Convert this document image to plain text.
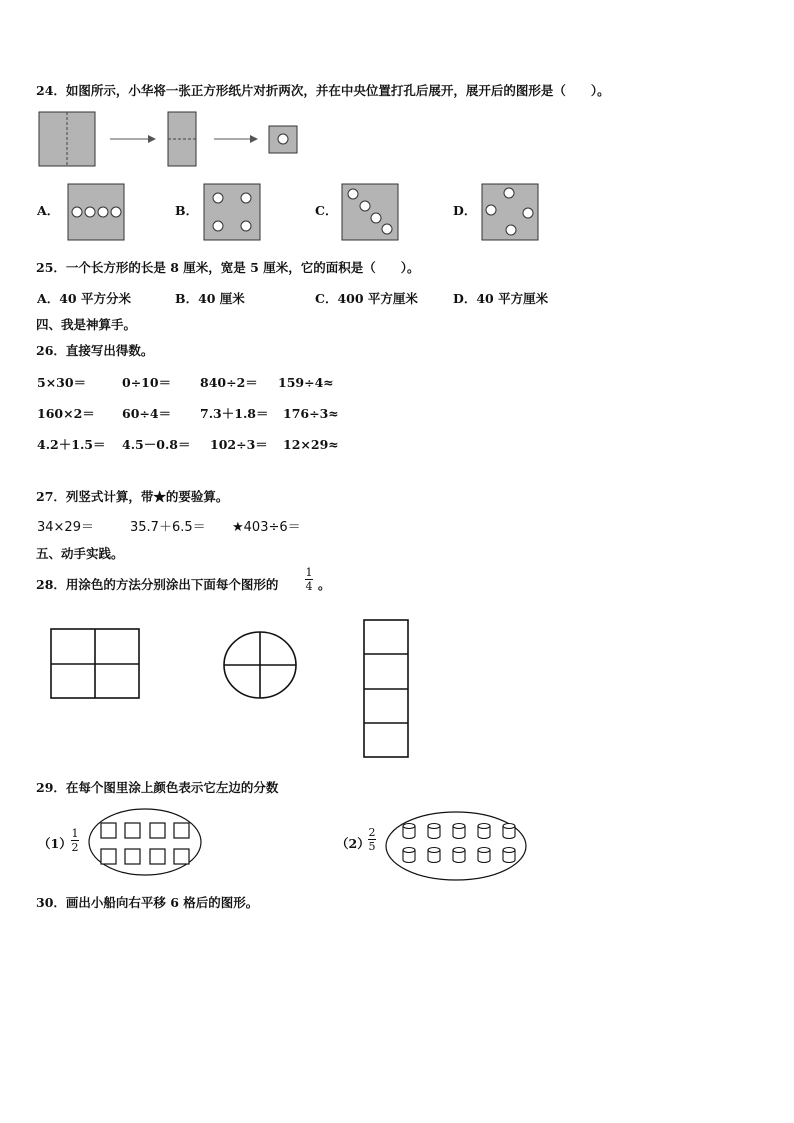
24．如图所示，小华将一张正方形纸片对折两次，并在中央位置打孔后展开，展开后的图形是（　　）。
A．	B．	C．	D．
25．一个长方形的长是 8 厘米，宽是 5 厘米，它的面积是（　　）。
A．40 平方分米	B．40 厘米	C．400 平方厘米	D．40 平方厘米
四、我是神算手。
26．直接写出得数。
5×30＝	0÷10＝ 840÷2＝ 159÷4≈
160×2＝ 60÷4＝ 7.3＋1.8＝ 176÷3≈
4.2＋1.5＝ 4.5－0.8＝ 102÷3＝ 12×29≈
27．列竖式计算，带★的要验算。
34×29＝	35.7＋6.5＝ ★403÷6＝
五、动手实践。
28．用涂色的方法分别涂出下面每个图形的
1
4 。
29．在每个图里涂上颜色表示它左边的分数
（1）
1
2	（2）
2
5
30．画出小船向右平移 6 格后的图形。
